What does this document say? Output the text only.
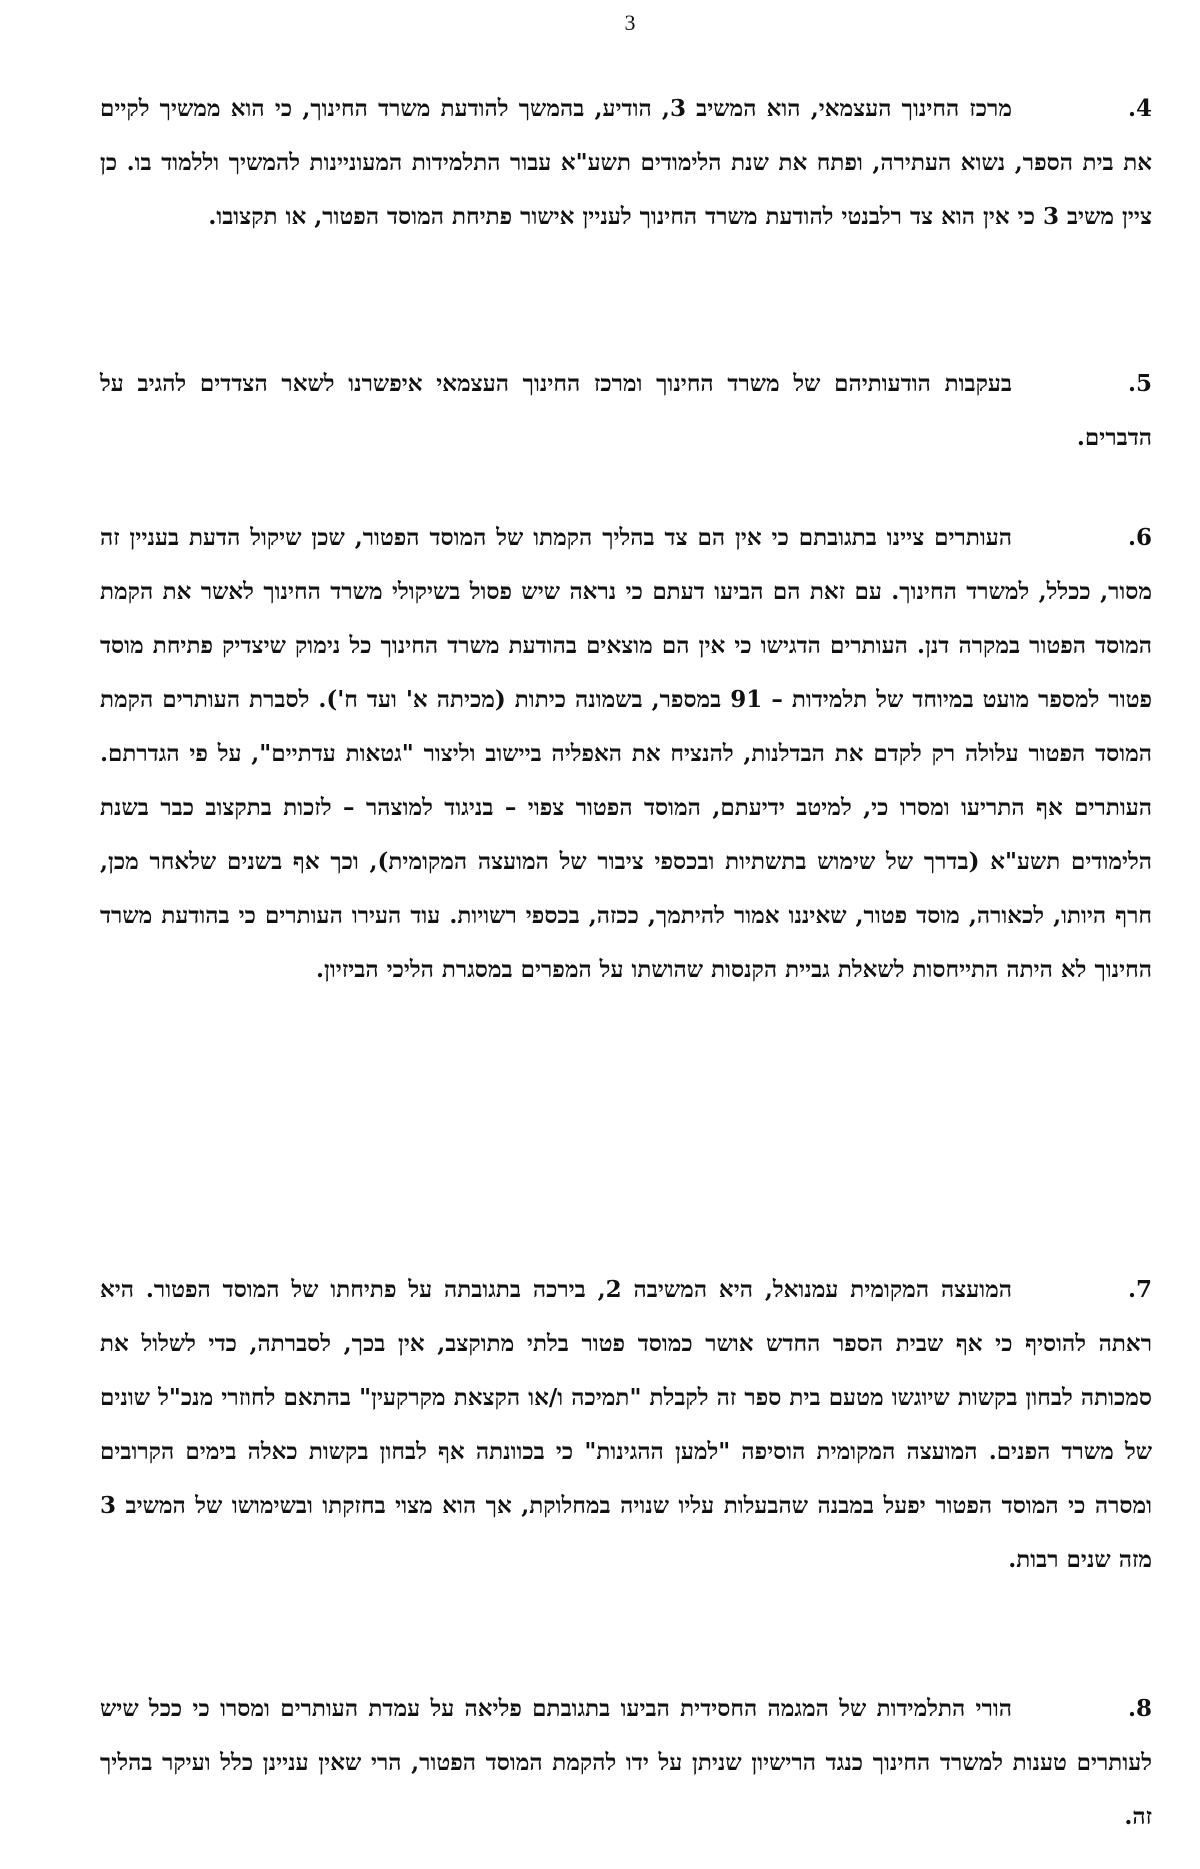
3
4.מרכז החינוך העצמאי, הוא המשיב 3, הודיע, בהמשך להודעת משרד החינוך, כי הוא ממשיך לקיים את בית הספר, נשוא העתירה, ופתח את שנת הלימודים תשע"א עבור התלמידות המעוניינות להמשיך וללמוד בו. כן ציין משיב 3 כי אין הוא צד רלבנטי להודעת משרד החינוך לעניין אישור פתיחת המוסד הפטור, או תקצובו.
5.בעקבות הודעותיהם של משרד החינוך ומרכז החינוך העצמאי איפשרנו לשאר הצדדים להגיב על הדברים.
6.העותרים ציינו בתגובתם כי אין הם צד בהליך הקמתו של המוסד הפטור, שכן שיקול הדעת בעניין זה מסור, ככלל, למשרד החינוך. עם זאת הם הביעו דעתם כי נראה שיש פסול בשיקולי משרד החינוך לאשר את הקמת המוסד הפטור במקרה דנן. העותרים הדגישו כי אין הם מוצאים בהודעת משרד החינוך כל נימוק שיצדיק פתיחת מוסד פטור למספר מועט במיוחד של תלמידות – 91 במספר, בשמונה כיתות (מכיתה א' ועד ח'). לסברת העותרים הקמת המוסד הפטור עלולה רק לקדם את הבדלנות, להנציח את האפליה ביישוב וליצור "גטאות עדתיים", על פי הגדרתם. העותרים אף התריעו ומסרו כי, למיטב ידיעתם, המוסד הפטור צפוי – בניגוד למוצהר – לזכות בתקצוב כבר בשנת הלימודים תשע"א (בדרך של שימוש בתשתיות ובכספי ציבור של המועצה המקומית), וכך אף בשנים שלאחר מכן, חרף היותו, לכאורה, מוסד פטור, שאיננו אמור להיתמך, ככזה, בכספי רשויות. עוד העירו העותרים כי בהודעת משרד החינוך לא היתה התייחסות לשאלת גביית הקנסות שהושתו על המפרים במסגרת הליכי הביזיון.
7.המועצה המקומית עמנואל, היא המשיבה 2, בירכה בתגובתה על פתיחתו של המוסד הפטור. היא ראתה להוסיף כי אף שבית הספר החדש אושר כמוסד פטור בלתי מתוקצב, אין בכך, לסברתה, כדי לשלול את סמכותה לבחון בקשות שיוגשו מטעם בית ספר זה לקבלת "תמיכה ו/או הקצאת מקרקעין" בהתאם לחוזרי מנכ"ל שונים של משרד הפנים. המועצה המקומית הוסיפה "למען ההגינות" כי בכוונתה אף לבחון בקשות כאלה בימים הקרובים ומסרה כי המוסד הפטור יפעל במבנה שהבעלות עליו שנויה במחלוקת, אך הוא מצוי בחזקתו ובשימושו של המשיב 3 מזה שנים רבות.
8.הורי התלמידות של המגמה החסידית הביעו בתגובתם פליאה על עמדת העותרים ומסרו כי ככל שיש לעותרים טענות למשרד החינוך כנגד הרישיון שניתן על ידו להקמת המוסד הפטור, הרי שאין עניינן כלל ועיקר בהליך זה.
